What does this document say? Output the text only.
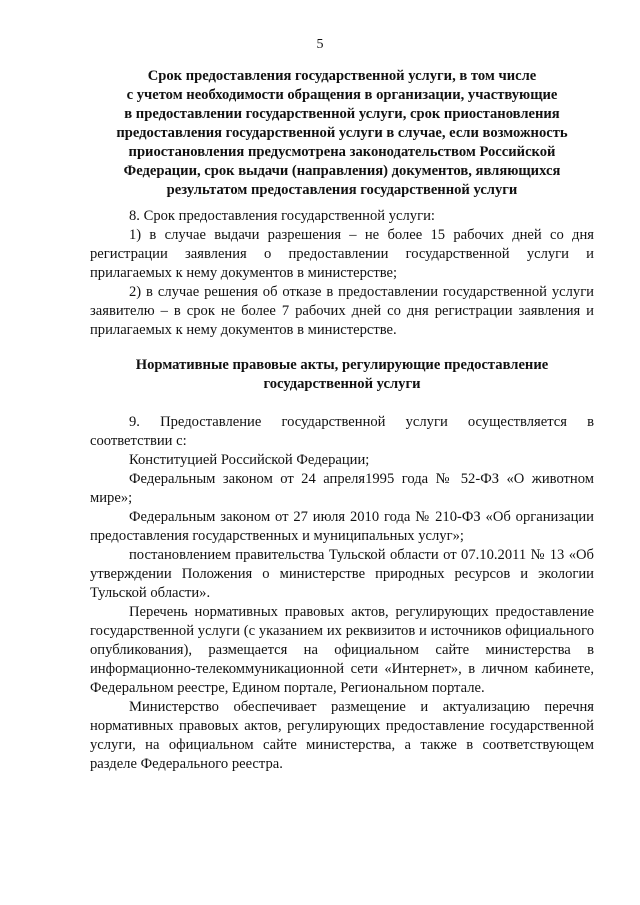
5
Срок предоставления государственной услуги, в том числе
с учетом необходимости обращения в организации, участвующие
в предоставлении государственной услуги, срок приостановления
предоставления государственной услуги в случае, если возможность
приостановления предусмотрена законодательством Российской
Федерации, срок выдачи (направления) документов, являющихся
результатом предоставления государственной услуги

8. Срок предоставления государственной услуги:

1) в случае выдачи разрешения – не более 15 рабочих дней со дня регистрации заявления о предоставлении государственной услуги и прилагаемых к нему документов в министерстве;

2) в случае решения об отказе в предоставлении государственной услуги заявителю – в срок не более 7 рабочих дней со дня регистрации заявления и прилагаемых к нему документов в министерстве.

Нормативные правовые акты, регулирующие предоставление
государственной услуги

9. Предоставление государственной услуги осуществляется в соответствии с:

Конституцией Российской Федерации;

Федеральным законом от 24 апреля1995 года № 52-ФЗ «О животном мире»;

Федеральным законом от 27 июля 2010 года № 210-ФЗ «Об организации предоставления государственных и муниципальных услуг»;

постановлением правительства Тульской области от 07.10.2011 № 13 «Об утверждении Положения о министерстве природных ресурсов и экологии Тульской области».

Перечень нормативных правовых актов, регулирующих предоставление государственной услуги (с указанием их реквизитов и источников официального опубликования), размещается на официальном сайте министерства в информационно-телекоммуникационной сети «Интернет», в личном кабинете, Федеральном реестре, Едином портале, Региональном портале.

Министерство обеспечивает размещение и актуализацию перечня нормативных правовых актов, регулирующих предоставление государственной услуги, на официальном сайте министерства, а также в соответствующем разделе Федерального реестра.
